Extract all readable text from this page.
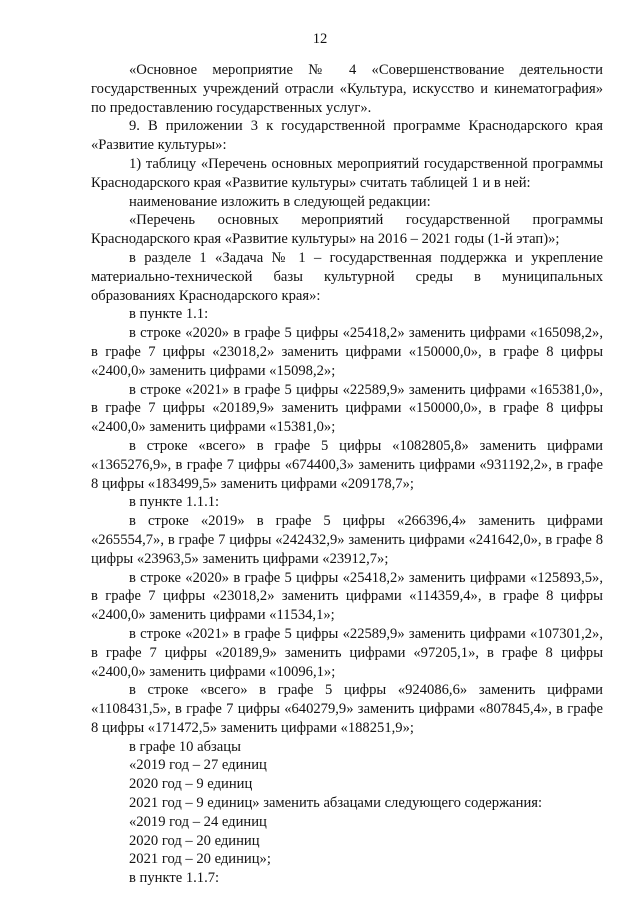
12

«Основное мероприятие № 4 «Совершенствование деятельности государственных учреждений отрасли «Культура, искусство и кинематография» по предоставлению государственных услуг».

9. В приложении 3 к государственной программе Краснодарского края «Развитие культуры»:

1) таблицу «Перечень основных мероприятий государственной программы Краснодарского края «Развитие культуры» считать таблицей 1 и в ней:

наименование изложить в следующей редакции:

«Перечень основных мероприятий государственной программы Краснодарского края «Развитие культуры» на 2016 – 2021 годы (1-й этап)»;

в разделе 1 «Задача № 1 – государственная поддержка и укрепление материально-технической базы культурной среды в муниципальных образованиях Краснодарского края»:

в пункте 1.1:

в строке «2020» в графе 5 цифры «25418,2» заменить цифрами «165098,2», в графе 7 цифры «23018,2» заменить цифрами «150000,0», в графе 8 цифры «2400,0» заменить цифрами «15098,2»;

в строке «2021» в графе 5 цифры «22589,9» заменить цифрами «165381,0», в графе 7 цифры «20189,9» заменить цифрами «150000,0», в графе 8 цифры «2400,0» заменить цифрами «15381,0»;

в строке «всего» в графе 5 цифры «1082805,8» заменить цифрами «1365276,9», в графе 7 цифры «674400,3» заменить цифрами «931192,2», в графе 8 цифры «183499,5» заменить цифрами «209178,7»;

в пункте 1.1.1:

в строке «2019» в графе 5 цифры «266396,4» заменить цифрами «265554,7», в графе 7 цифры «242432,9» заменить цифрами «241642,0», в графе 8 цифры «23963,5» заменить цифрами «23912,7»;

в строке «2020» в графе 5 цифры «25418,2» заменить цифрами «125893,5», в графе 7 цифры «23018,2» заменить цифрами «114359,4», в графе 8 цифры «2400,0» заменить цифрами «11534,1»;

в строке «2021» в графе 5 цифры «22589,9» заменить цифрами «107301,2», в графе 7 цифры «20189,9» заменить цифрами «97205,1», в графе 8 цифры «2400,0» заменить цифрами «10096,1»;

в строке «всего» в графе 5 цифры «924086,6» заменить цифрами «1108431,5», в графе 7 цифры «640279,9» заменить цифрами «807845,4», в графе 8 цифры «171472,5» заменить цифрами «188251,9»;

в графе 10 абзацы

«2019 год – 27 единиц

2020 год – 9 единиц

2021 год – 9 единиц» заменить абзацами следующего содержания:

«2019 год – 24 единиц

2020 год – 20 единиц

2021 год – 20 единиц»;

в пункте 1.1.7:
